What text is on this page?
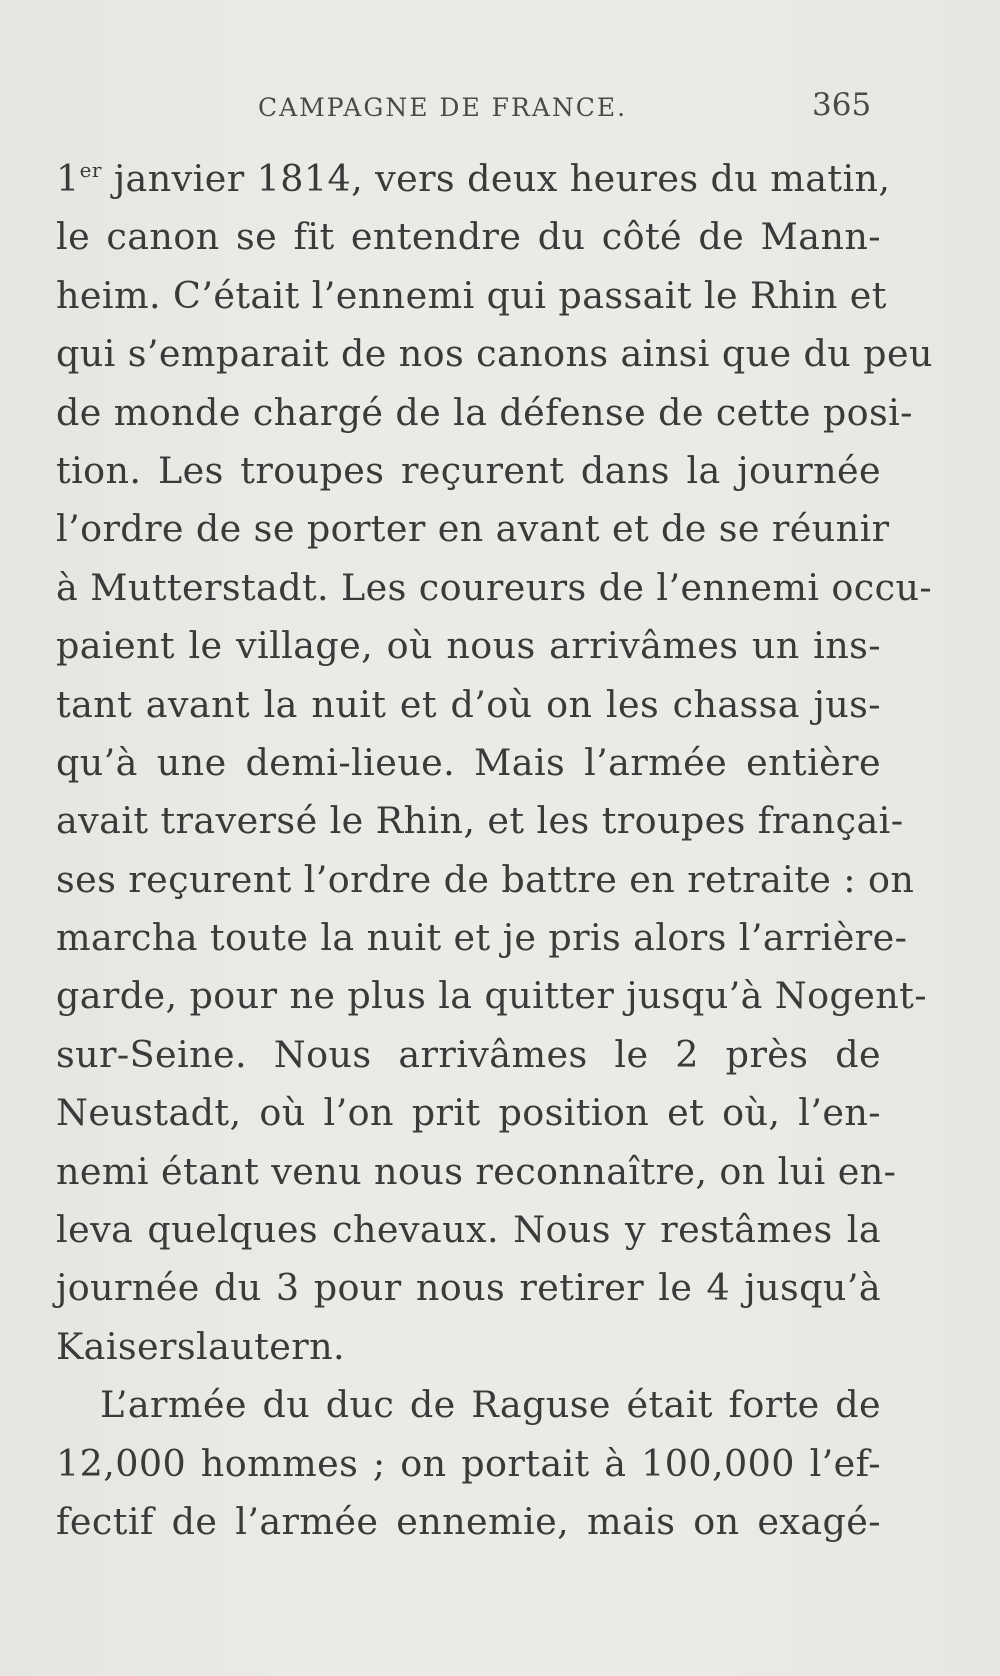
CAMPAGNE DE FRANCE.	365
1er janvier 1814, vers deux heures du matin,
le canon se fit entendre du côté de Mann-
heim. C’était l’ennemi qui passait le Rhin et
qui s’emparait de nos canons ainsi que du peu
de monde chargé de la défense de cette posi-
tion. Les troupes reçurent dans la journée
l’ordre de se porter en avant et de se réunir
à Mutterstadt. Les coureurs de l’ennemi occu-
paient le village, où nous arrivâmes un ins-
tant avant la nuit et d’où on les chassa jus-
qu’à une demi-lieue. Mais l’armée entière
avait traversé le Rhin, et les troupes françai-
ses reçurent l’ordre de battre en retraite : on
marcha toute la nuit et je pris alors l’arrière-
garde, pour ne plus la quitter jusqu’à Nogent-
sur-Seine. Nous arrivâmes le 2 près de
Neustadt, où l’on prit position et où, l’en-
nemi étant venu nous reconnaître, on lui en-
leva quelques chevaux. Nous y restâmes la
journée du 3 pour nous retirer le 4 jusqu’à
Kaiserslautern.
L’armée du duc de Raguse était forte de
12,000 hommes ; on portait à 100,000 l’ef-
fectif de l’armée ennemie, mais on exagé-
